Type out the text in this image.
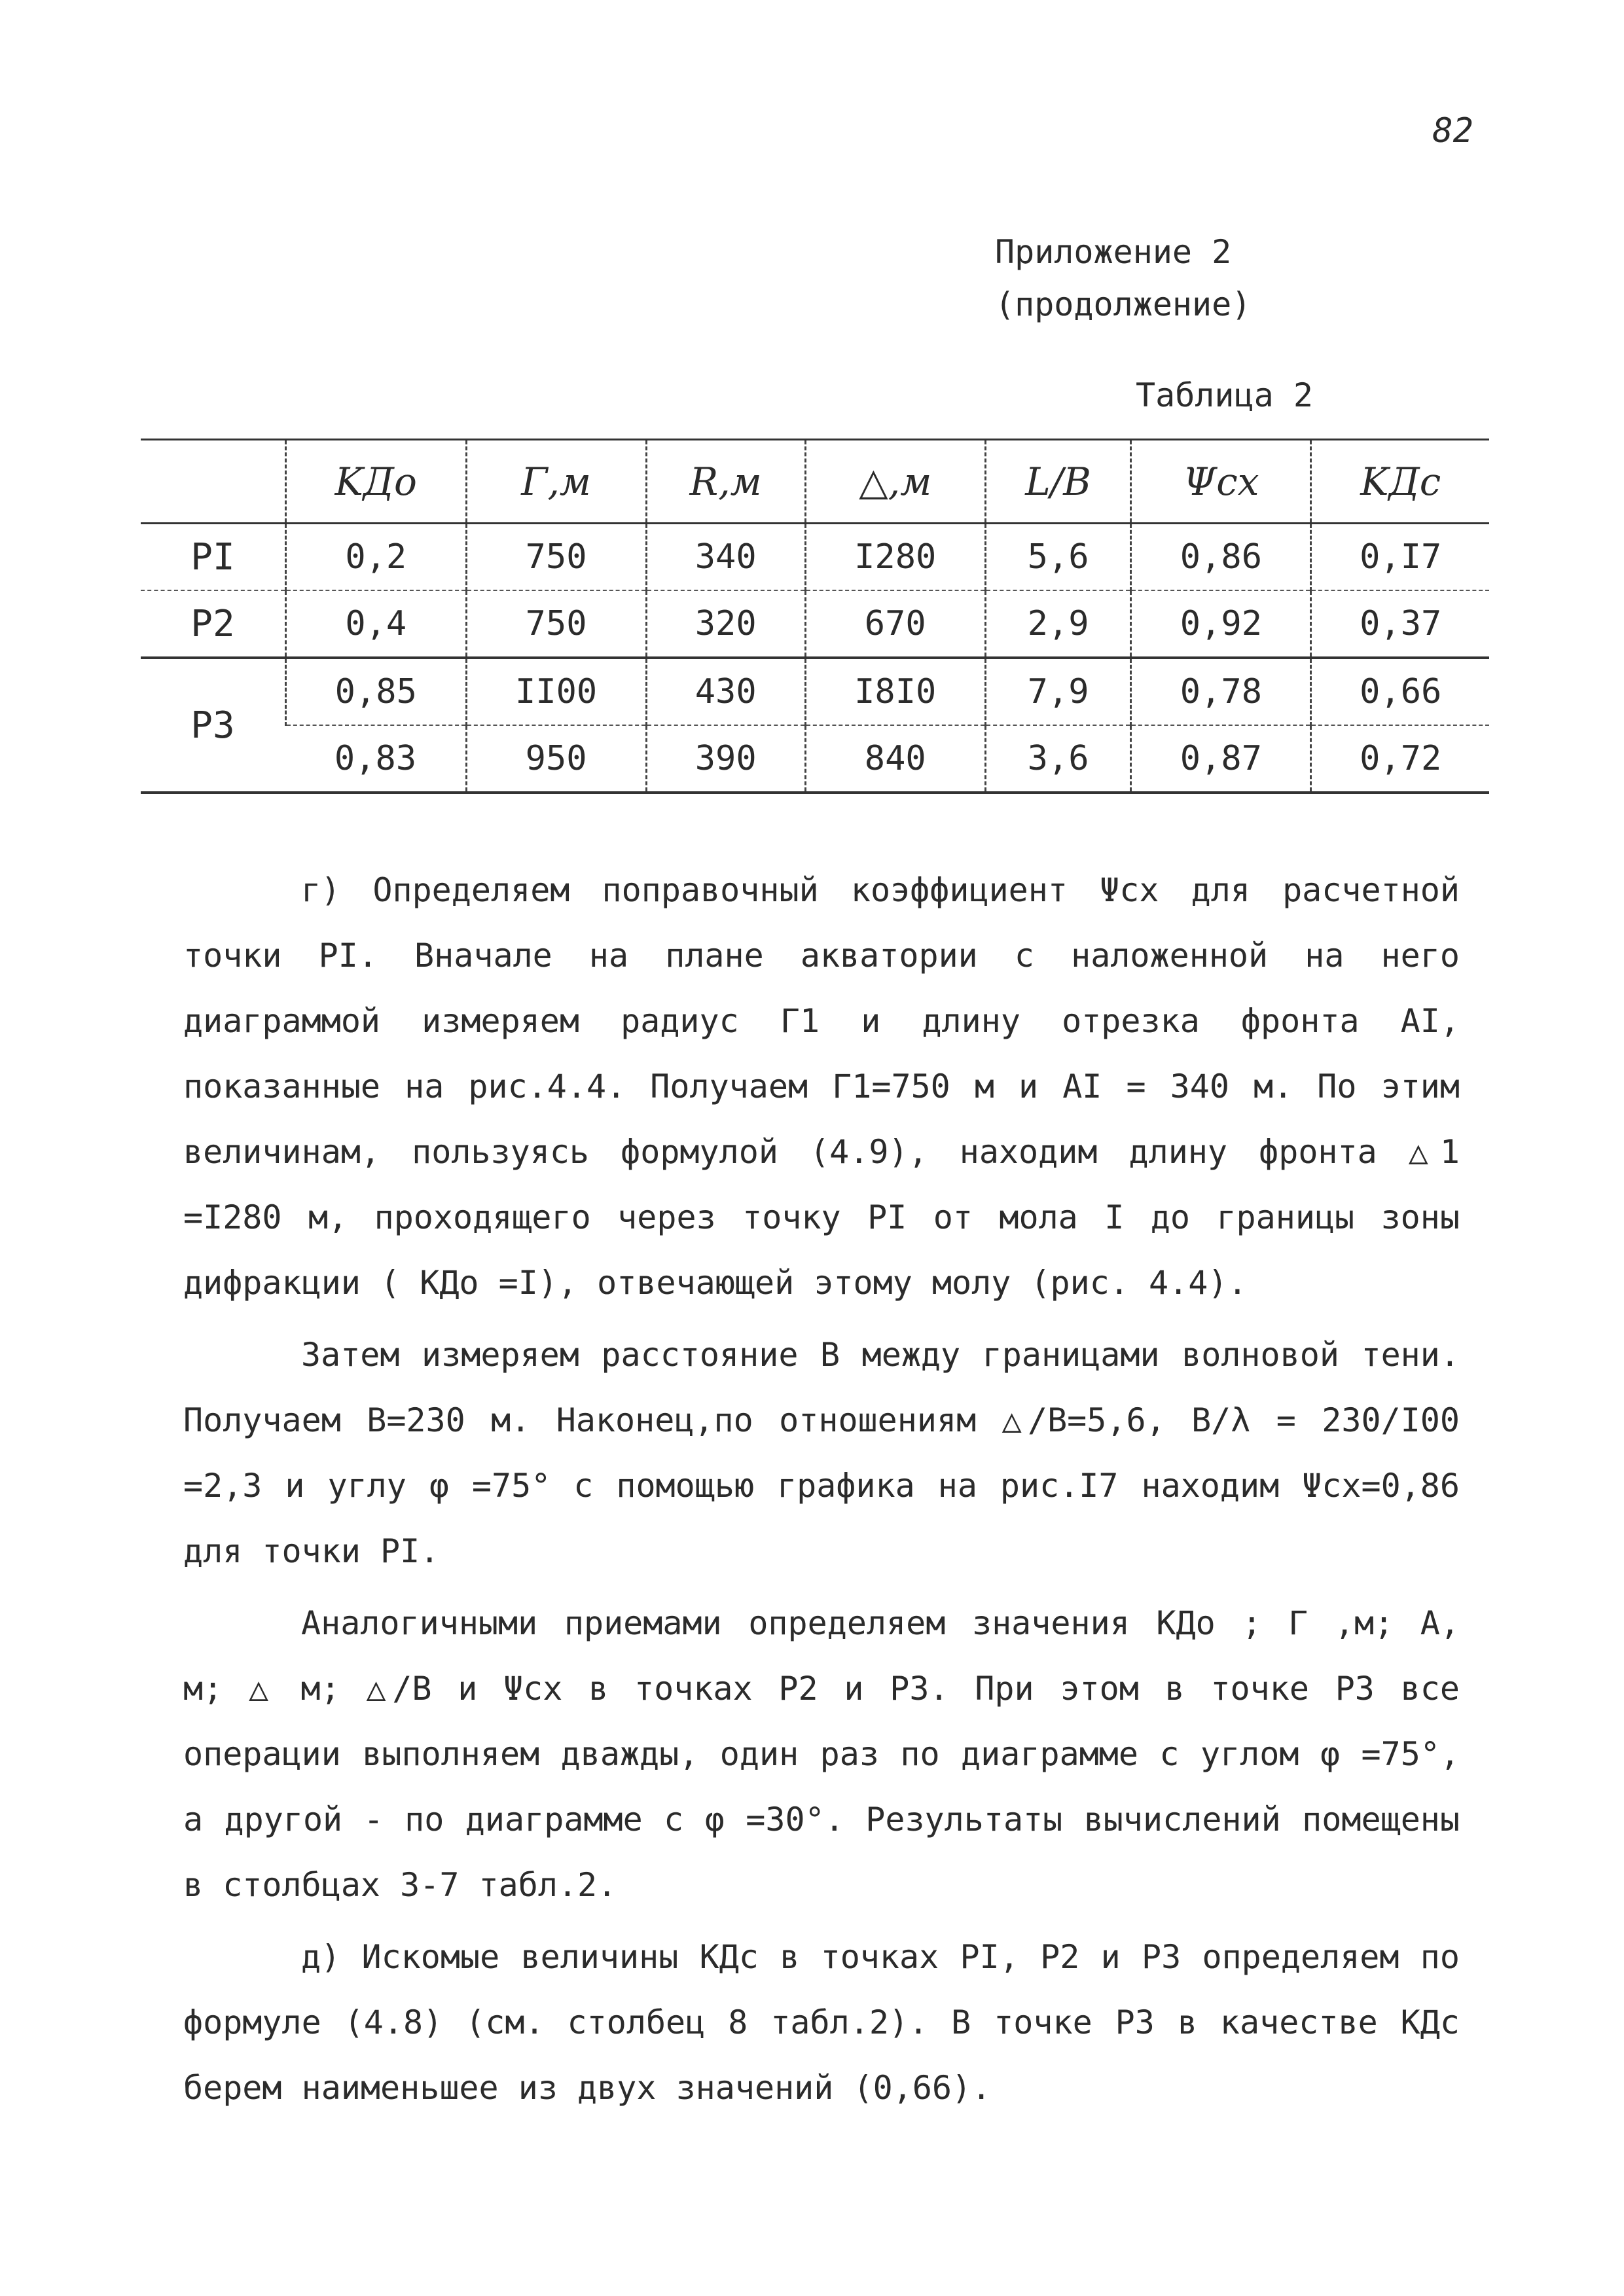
82
Приложение 2
(продолжение)
Таблица 2
	KДo	Γ,м	R,м	△,м	L/B	Ψcx	KДc
PΙ	0,2	750	340	I280	5,6	0,86	0,I7
P2	0,4	750	320	670	2,9	0,92	0,37
P3	0,85	II00	430	I8I0	7,9	0,78	0,66
	0,83	950	390	840	3,6	0,87	0,72

г) Определяем поправочный коэффициент Ψcx для расчетной точки PΙ. Вначале на плане акватории с наложенной на него диаграммой измеряем радиус Γ1 и длину отрезка фронта AΙ, показанные на рис.4.4. Получаем Γ1=750 м и AΙ = 340 м. По этим величинам, пользуясь формулой (4.9), находим длину фронта △1 =I280 м, проходящего через точку PΙ от мола I до границы зоны дифракции ( KДo =I), отвечающей этому молу (рис. 4.4).

Затем измеряем расстояние B между границами волновой тени. Получаем B=230 м. Наконец,по отношениям △/B=5,6, B/λ = 230/I00 =2,3 и углу φ =75° с помощью графика на рис.I7 находим Ψcx=0,86 для точки PΙ.

Аналогичными приемами определяем значения KДo ; Γ ,м; A, м; △ м; △/B и Ψcx в точках P2 и P3. При этом в точке P3 все операции выполняем дважды, один раз по диаграмме с углом φ =75°, а другой - по диаграмме с φ =30°. Результаты вычислений помещены в столбцах 3-7 табл.2.

д) Искомые величины KДc в точках PΙ, P2 и P3 определяем по формуле (4.8) (см. столбец 8 табл.2). В точке P3 в качестве KДc берем наименьшее из двух значений (0,66).
